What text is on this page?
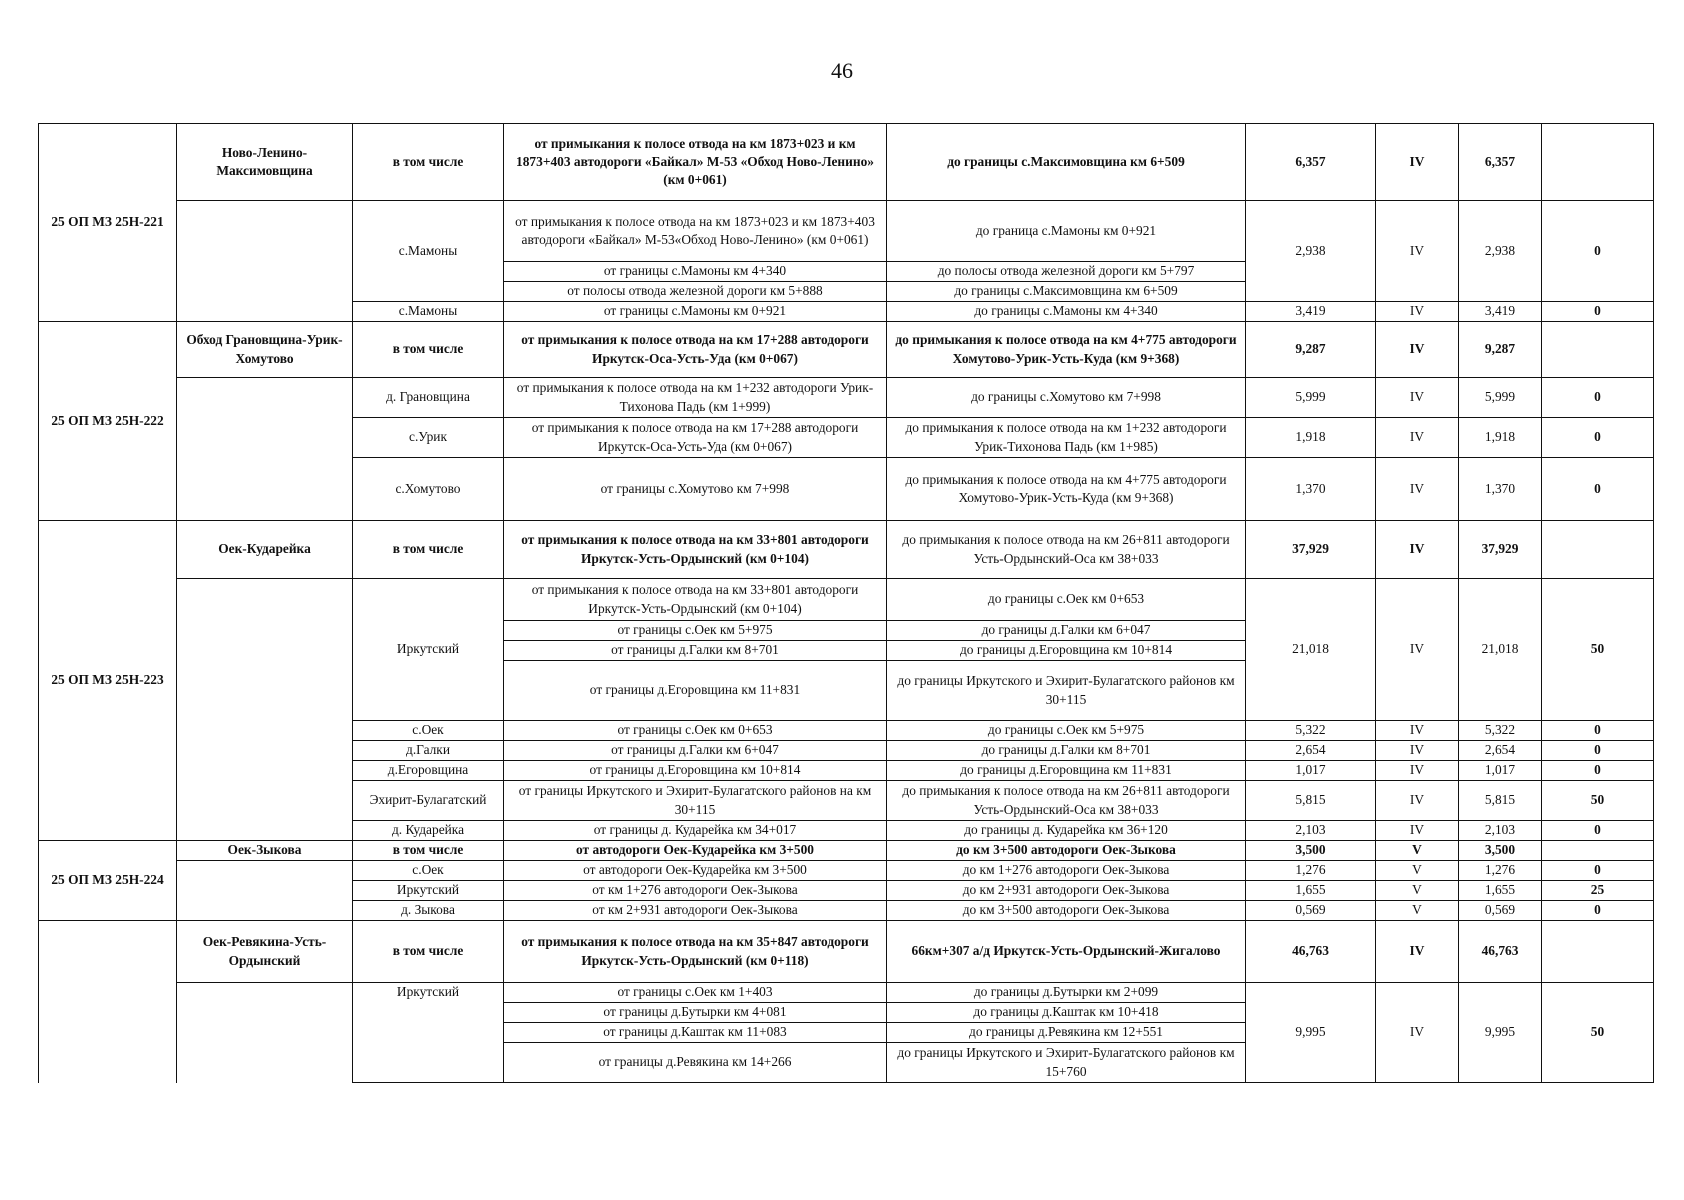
46
25 ОП МЗ 25Н-221	Ново-Ленино-Максимовщина	в том числе	от примыкания к полосе отвода на км 1873+023 и км 1873+403 автодороги «Байкал» М-53 «Обход Ново-Ленино» (км 0+061)	до границы с.Максимовщина км 6+509	6,357	IV	6,357	
		с.Мамоны	от примыкания к полосе отвода на км 1873+023 и км 1873+403 автодороги «Байкал» М-53«Обход Ново-Ленино» (км 0+061)	до граница с.Мамоны км 0+921	2,938	IV	2,938	0
			от границы с.Мамоны км 4+340	до полосы отвода железной дороги км 5+797				
			от полосы отвода железной дороги км 5+888	до границы с.Максимовщина км 6+509				
		с.Мамоны	от границы с.Мамоны км 0+921	до границы с.Мамоны км 4+340	3,419	IV	3,419	0
25 ОП МЗ 25Н-222	Обход Грановщина-Урик-Хомутово	в том числе	от примыкания к полосе отвода на км 17+288 автодороги Иркутск-Оса-Усть-Уда (км 0+067)	до примыкания к полосе отвода на км 4+775 автодороги Хомутово-Урик-Усть-Куда (км 9+368)	9,287	IV	9,287	
		д. Грановщина	от примыкания к полосе отвода на км 1+232 автодороги Урик-Тихонова Падь (км 1+999)	до границы с.Хомутово км 7+998	5,999	IV	5,999	0
		с.Урик	от примыкания к полосе отвода на км 17+288 автодороги Иркутск-Оса-Усть-Уда (км 0+067)	до примыкания к полосе отвода на км 1+232 автодороги Урик-Тихонова Падь (км 1+985)	1,918	IV	1,918	0
		с.Хомутово	от границы с.Хомутово км 7+998	до примыкания к полосе отвода на км 4+775 автодороги Хомутово-Урик-Усть-Куда (км 9+368)	1,370	IV	1,370	0
25 ОП МЗ 25Н-223	Оек-Кударейка	в том числе	от примыкания к полосе отвода на км 33+801 автодороги Иркутск-Усть-Ордынский (км 0+104)	до примыкания к полосе отвода на км 26+811 автодороги Усть-Ордынский-Оса км 38+033	37,929	IV	37,929	
		Иркутский	от примыкания к полосе отвода на км 33+801 автодороги Иркутск-Усть-Ордынский (км 0+104)	до границы с.Оек км 0+653	21,018	IV	21,018	50
			от границы с.Оек км 5+975	до границы д.Галки км 6+047				
			от границы д.Галки км 8+701	до границы д.Егоровщина км 10+814				
			от границы д.Егоровщина км 11+831	до границы Иркутского и Эхирит-Булагатского районов км 30+115				
		с.Оек	от границы с.Оек км 0+653	до границы с.Оек км 5+975	5,322	IV	5,322	0
		д.Галки	от границы д.Галки км 6+047	до границы д.Галки км 8+701	2,654	IV	2,654	0
		д.Егоровщина	от границы д.Егоровщина км 10+814	до границы д.Егоровщина км 11+831	1,017	IV	1,017	0
		Эхирит-Булагатский	от границы Иркутского и Эхирит-Булагатского районов на км 30+115	до примыкания к полосе отвода на км 26+811 автодороги Усть-Ордынский-Оса км 38+033	5,815	IV	5,815	50
		д. Кударейка	от границы д. Кударейка км 34+017	до границы д. Кударейка км 36+120	2,103	IV	2,103	0
25 ОП МЗ 25Н-224	Оек-Зыкова	в том числе	от автодороги Оек-Кударейка км 3+500	до км 3+500 автодороги Оек-Зыкова	3,500	V	3,500	
		с.Оек	от автодороги Оек-Кударейка км 3+500	до км 1+276 автодороги Оек-Зыкова	1,276	V	1,276	0
		Иркутский	от км 1+276 автодороги Оек-Зыкова	до км 2+931 автодороги Оек-Зыкова	1,655	V	1,655	25
		д. Зыкова	от км 2+931 автодороги Оек-Зыкова	до км 3+500 автодороги Оек-Зыкова	0,569	V	0,569	0
	Оек-Ревякина-Усть-Ордынский	в том числе	от примыкания к полосе отвода на км 35+847 автодороги Иркутск-Усть-Ордынский (км 0+118)	66км+307 а/д Иркутск-Усть-Ордынский-Жигалово	46,763	IV	46,763	
		Иркутский	от границы с.Оек км 1+403	до границы д.Бутырки км 2+099	9,995	IV	9,995	50
			от границы д.Бутырки км 4+081	до границы д.Каштак км 10+418				
			от границы д.Каштак км 11+083	до границы д.Ревякина км 12+551				
			от границы д.Ревякина км 14+266	до границы Иркутского и Эхирит-Булагатского районов км 15+760				
